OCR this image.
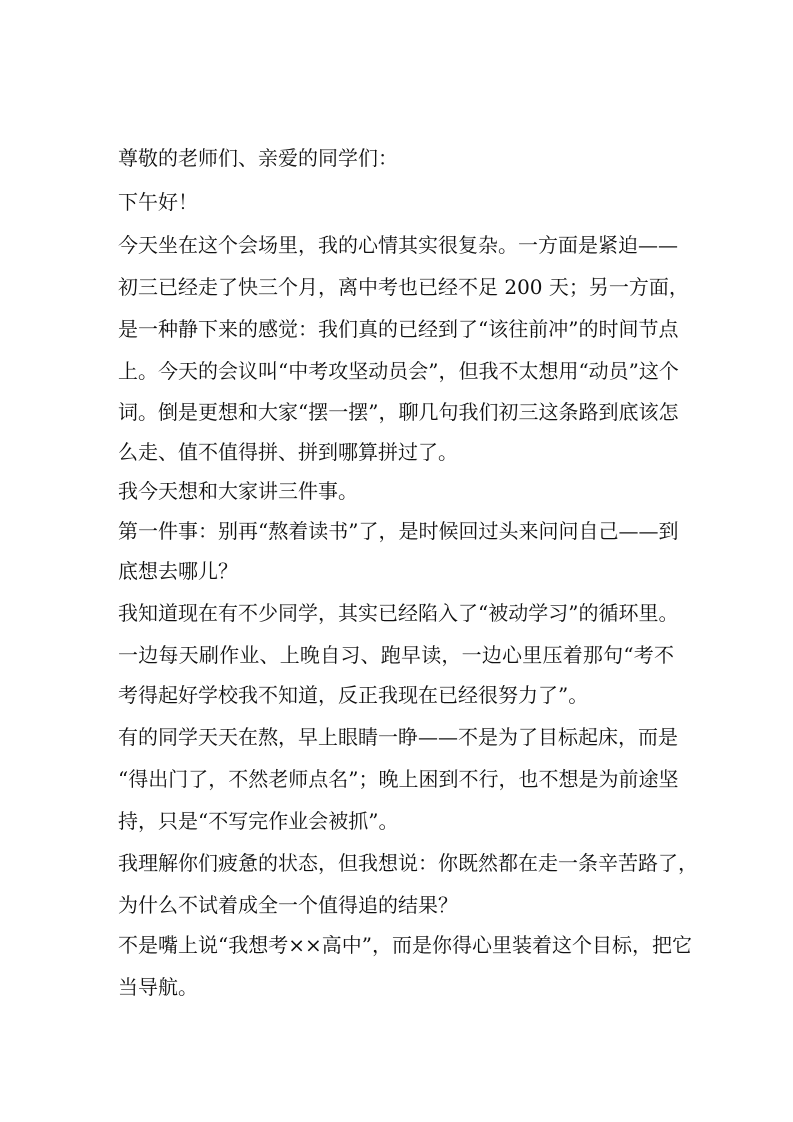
尊敬的老师们、亲爱的同学们：
下午好！
今天坐在这个会场里，我的心情其实很复杂。一方面是紧迫——
初三已经走了快三个月，离中考也已经不足 200 天；另一方面，
是一种静下来的感觉：我们真的已经到了“该往前冲”的时间节点
上。今天的会议叫“中考攻坚动员会”，但我不太想用“动员”这个
词。倒是更想和大家“摆一摆”，聊几句我们初三这条路到底该怎
么走、值不值得拼、拼到哪算拼过了。
我今天想和大家讲三件事。
第一件事：别再“熬着读书”了，是时候回过头来问问自己——到
底想去哪儿？
我知道现在有不少同学，其实已经陷入了“被动学习”的循环里。
一边每天刷作业、上晚自习、跑早读，一边心里压着那句“考不
考得起好学校我不知道，反正我现在已经很努力了”。
有的同学天天在熬，早上眼睛一睁——不是为了目标起床，而是
“得出门了，不然老师点名”；晚上困到不行，也不想是为前途坚
持，只是“不写完作业会被抓”。
我理解你们疲惫的状态，但我想说：你既然都在走一条辛苦路了，
为什么不试着成全一个值得追的结果？
不是嘴上说“我想考××高中”，而是你得心里装着这个目标，把它
当导航。
